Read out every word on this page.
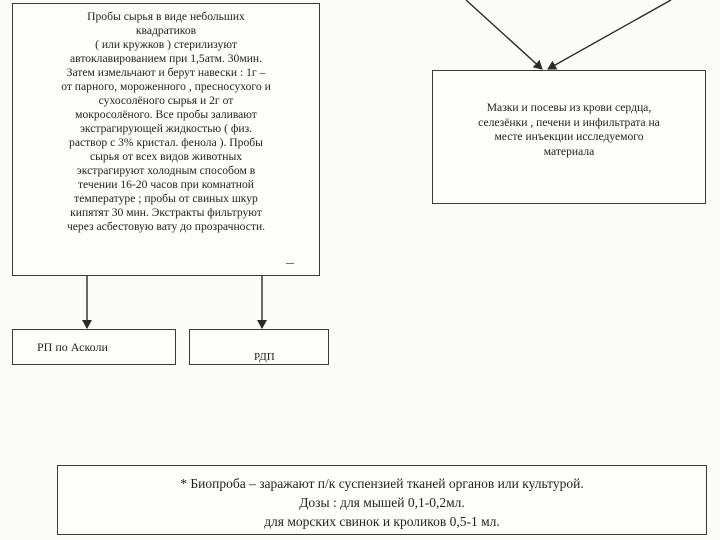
Пробы сырья в виде небольших
квадратиков
( или кружков ) стерилизуют
автоклавированием при 1,5атм. 30мин.
Затем измельчают и берут навески : 1г –
от парного, мороженного , пресносухого и
сухосолёного сырья и 2г от
мокросолёного. Все пробы заливают
экстрагирующей жидкостью ( физ.
раствор с 3% кристал. фенола ). Пробы
сырья от всех видов животных
экстрагируют холодным способом в
течении 16-20 часов при комнатной
температуре ; пробы от свиных шкур
кипятят 30 мин. Экстракты фильтруют
через асбестовую вату до прозрачности.
Мазки и посевы из крови сердца,
селезёнки , печени и инфильтрата на
месте инъекции исследуемого
материала
РП по Асколи
РДП
* Биопроба – заражают п/к суспензией тканей органов или культурой.
Дозы : для мышей 0,1-0,2мл.
для морских свинок и кроликов 0,5-1 мл.
